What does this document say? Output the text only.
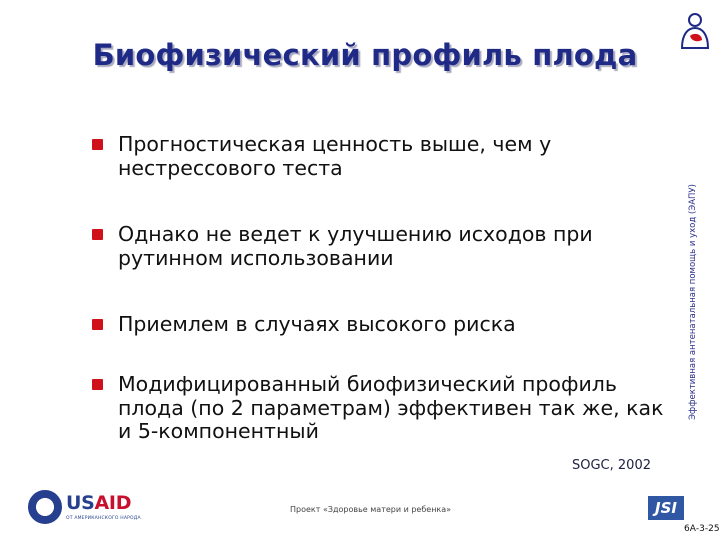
Биофизический профиль плода
Эффективная антенатальная помощь и уход (ЭАПУ)
Прогностическая ценность выше, чем у нестрессового теста
Однако не ведет к улучшению исходов при рутинном использовании
Приемлем в случаях высокого риска
Модифицированный биофизический профиль плода (по 2 параметрам) эффективен так же, как и 5-компонентный
SOGC, 2002
USAID
ОТ АМЕРИКАНСКОГО НАРОДА
Проект «Здоровье матери и ребенка»	JSI
6А-3-25
